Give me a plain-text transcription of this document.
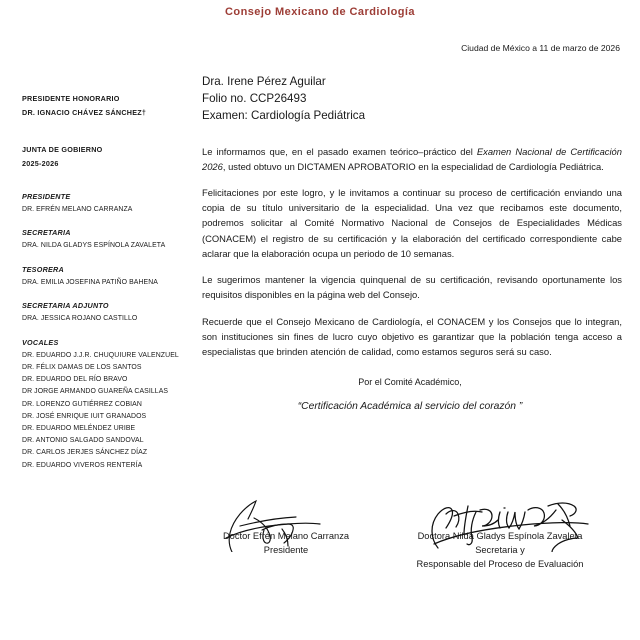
Consejo Mexicano de Cardiología
PRESIDENTE HONORARIO
DR. IGNACIO CHÁVEZ SÁNCHEZ†
JUNTA DE GOBIERNO
2025-2026
PRESIDENTE
DR. EFRÉN MELANO CARRANZA
SECRETARIA
DRA. NILDA GLADYS ESPÍNOLA ZAVALETA
TESORERA
DRA. EMILIA JOSEFINA PATIÑO BAHENA
SECRETARIA ADJUNTO
DRA. JESSICA ROJANO CASTILLO
VOCALES
DR. EDUARDO J.J.R. CHUQUIURE VALENZUEL
DR. FÉLIX DAMAS DE LOS SANTOS
DR. EDUARDO DEL RÍO BRAVO
DR JORGE ARMANDO GUAREÑA CASILLAS
DR. LORENZO GUTIÉRREZ COBIAN
DR. JOSÉ ENRIQUE IUIT GRANADOS
DR. EDUARDO MELÉNDEZ URIBE
DR. ANTONIO SALGADO SANDOVAL
DR. CARLOS JERJES SÁNCHEZ DÍAZ
DR. EDUARDO VIVEROS RENTERÍA
Ciudad de México a 11 de marzo de 2026
Dra. Irene Pérez Aguilar
Folio no. CCP26493
Examen: Cardiología Pediátrica

Le informamos que, en el pasado examen teórico–práctico del Examen Nacional de Certificación 2026, usted obtuvo un DICTAMEN APROBATORIO en la especialidad de Cardiología Pediátrica.

Felicitaciones por este logro, y le invitamos a continuar su proceso de certificación enviando una copia de su título universitario de la especialidad. Una vez que recibamos este documento, podremos solicitar al Comité Normativo Nacional de Consejos de Especialidades Médicas (CONACEM) el registro de su certificación y la elaboración del certificado correspondiente cabe aclarar que la elaboración ocupa un periodo de 10 semanas.

Le sugerimos mantener la vigencia quinquenal de su certificación, revisando oportunamente los requisitos disponibles en la página web del Consejo.

Recuerde que el Consejo Mexicano de Cardiología, el CONACEM y los Consejos que lo integran, son instituciones sin fines de lucro cuyo objetivo es garantizar que la población tenga acceso a especialistas que brinden atención de calidad, como estamos seguros será su caso.

Por el Comité Académico,
“Certificación Académica al servicio del corazón ”
Doctor Efrén Melano Carranza
Presidente
Doctora Nilda Gladys Espínola Zavaleta
Secretaria y
Responsable del Proceso de Evaluación
